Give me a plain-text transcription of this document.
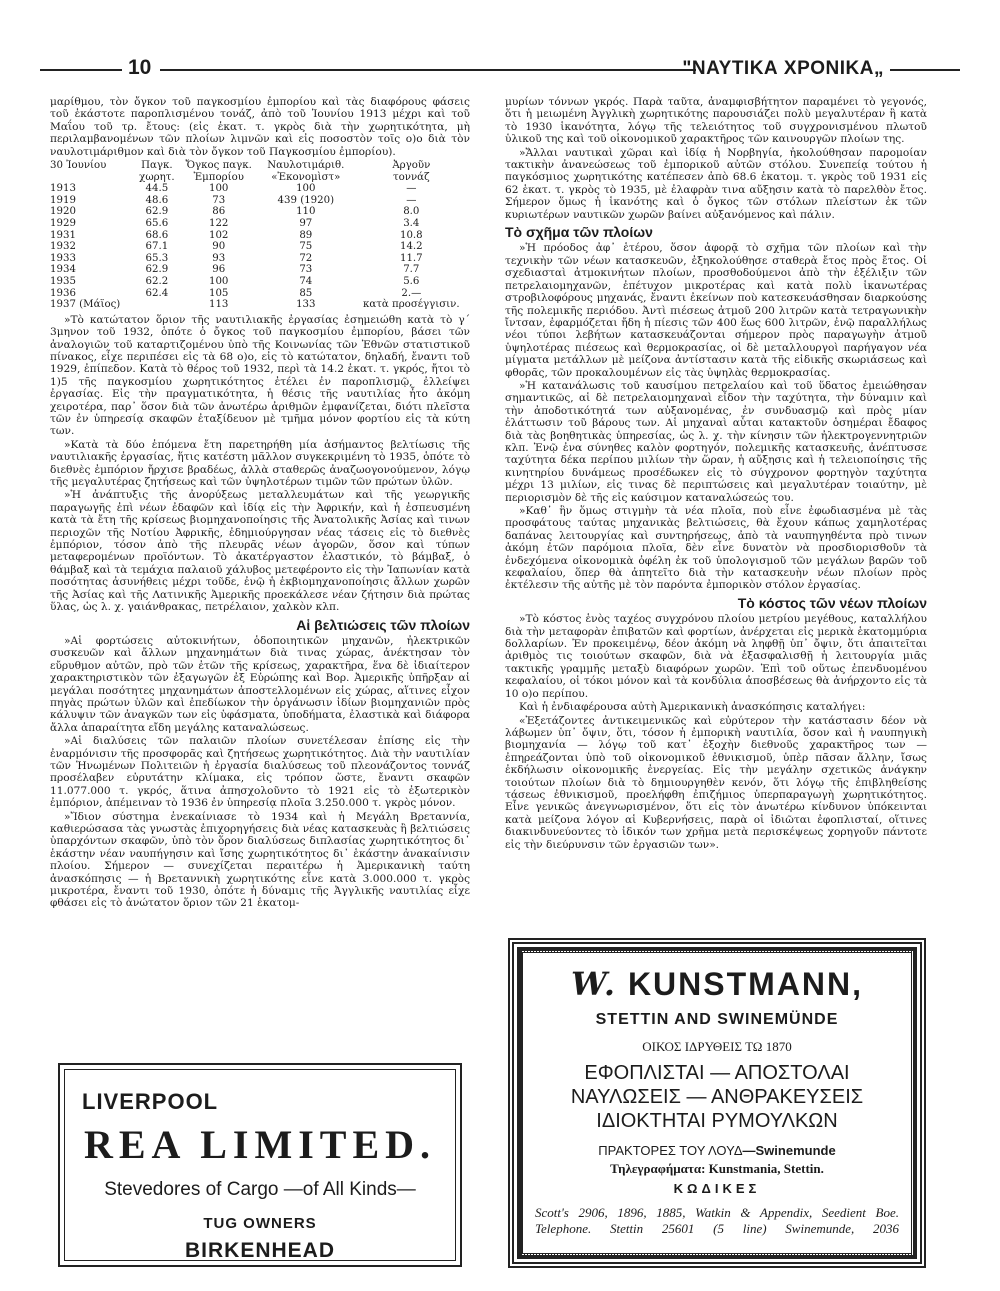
10	"ΝΑΥΤΙΚΑ ΧΡΟΝΙΚΑ„

μαρίθμου, τὸν ὄγκον τοῦ παγκοσμίου ἐμπορίου καὶ τὰς διαφόρους φάσεις τοῦ ἑκάστοτε παροπλισμένου τονάζ, ἀπὸ τοῦ Ἰουνίου 1913 μέχρι καὶ τοῦ Μαΐου τοῦ τρ. ἔτους: (εἰς ἑκατ. τ. γκρὸς διὰ τὴν χωρητικότητα, μὴ περιλαμβανομένων τῶν πλοίων λιμνῶν καὶ εἰς ποσοστὸν τοῖς ο)ο διὰ τὸν ναυλοτιμάριθμον καὶ διὰ τὸν ὄγκον τοῦ Παγκοσμίου ἐμπορίου).

30 Ἰουνίου	Παγκ.	Ὄγκος παγκ.	Ναυλοτιμάριθ.	Ἀργοῦν
	χωρητ.	Ἐμπορίου	«Ἐκονομὶστ»	τοννάζ
1913	44.5	100	100	—
1919	48.6	73	439 (1920)	—
1920	62.9	86	110	8.0
1929	65.6	122	97	3.4
1931	68.6	102	89	10.8
1932	67.1	90	75	14.2
1933	65.3	93	72	11.7
1934	62.9	96	73	7.7
1935	62.2	100	74	5.6
1936	62.4	105	85	2.—
1937 (Μάϊος)		113	133	κατὰ προσέγγισιν.

»Τὸ κατώτατον ὅριον τῆς ναυτιλιακῆς ἐργασίας ἐσημειώθη κατὰ τὸ γ΄ 3μηνον τοῦ 1932, ὁπότε ὁ ὄγκος τοῦ παγκοσμίου ἐμπορίου, βάσει τῶν ἀναλογιῶν τοῦ καταρτιζομένου ὑπὸ τῆς Κοινωνίας τῶν Ἐθνῶν στατιστικοῦ πίνακος, εἶχε περιπέσει εἰς τὰ 68 ο)ο, εἰς τὸ κατώτατον, δηλαδή, ἔναντι τοῦ 1929, ἐπίπεδον. Κατὰ τὸ θέρος τοῦ 1932, περὶ τὰ 14.2 ἑκατ. τ. γκρός, ἤτοι τὸ 1)5 τῆς παγκοσμίου χωρητικότητος ἐτέλει ἐν παροπλισμῷ, ἐλλείψει ἐργασίας. Εἰς τὴν πραγματικότητα, ἡ θέσις τῆς ναυτιλίας ἦτο ἀκόμη χειροτέρα, παρ᾿ ὅσον διὰ τῶν ἀνωτέρω ἀριθμῶν ἐμφανίζεται, διότι πλεῖστα τῶν ἐν ὑπηρεσίᾳ σκαφῶν ἐταξίδευον μὲ τμῆμα μόνον φορτίου εἰς τὰ κύτη των.

»Κατὰ τὰ δύο ἑπόμενα ἔτη παρετηρήθη μία ἀσήμαντος βελτίωσις τῆς ναυτιλιακῆς ἐργασίας, ἥτις κατέστη μᾶλλον συγκεκριμένη τὸ 1935, ὁπότε τὸ διεθνὲς ἐμπόριον ἤρχισε βραδέως, ἀλλὰ σταθερῶς ἀναζωογονούμενον, λόγῳ τῆς μεγαλυτέρας ζητήσεως καὶ τῶν ὑψηλοτέρων τιμῶν τῶν πρώτων ὑλῶν.

»Ἡ ἀνάπτυξις τῆς ἀνορύξεως μεταλλευμάτων καὶ τῆς γεωργικῆς παραγωγῆς ἐπὶ νέων ἐδαφῶν καὶ ἰδίᾳ εἰς τὴν Ἀφρικήν, καὶ ἡ ἐσπευσμένη κατὰ τὰ ἔτη τῆς κρίσεως βιομηχανοποίησις τῆς Ἀνατολικῆς Ἀσίας καὶ τινων περιοχῶν τῆς Νοτίου Ἀφρικῆς, ἐδημιούργησαν νέας τάσεις εἰς τὸ διεθνὲς ἐμπόριον, τόσον ἀπὸ τῆς πλευρᾶς νέων ἀγορῶν, ὅσον καὶ τύπων μεταφερομένων προϊόντων. Τὸ ἀκατέργαστον ἐλαστικόν, τὸ βάμβαξ, ὁ θάμβαξ καὶ τὰ τεμάχια παλαιοῦ χάλυβος μετεφέροντο εἰς τὴν Ἰαπωνίαν κατὰ ποσότητας ἀσυνήθεις μέχρι τοῦδε, ἐνῷ ἡ ἐκβιομηχανοποίησις ἄλλων χωρῶν τῆς Ἀσίας καὶ τῆς Λατινικῆς Ἀμερικῆς προεκάλεσε νέαν ζήτησιν διὰ πρώτας ὕλας, ὡς λ. χ. γαιάνθρακας, πετρέλαιον, χαλκὸν κλπ.

Αἱ βελτιώσεις τῶν πλοίων

»Αἱ φορτώσεις αὐτοκινήτων, ὁδοποιητικῶν μηχανῶν, ἠλεκτρικῶν συσκευῶν καὶ ἄλλων μηχανημάτων διὰ τινας χώρας, ἀνέκτησαν τὸν εὔρυθμον αὐτῶν, πρὸ τῶν ἐτῶν τῆς κρίσεως, χαρακτῆρα, ἕνα δὲ ἰδιαίτερον χαρακτηριστικὸν τῶν ἐξαγωγῶν ἐξ Εὐρώπης καὶ Βορ. Ἀμερικῆς ὑπῆρξαν αἱ μεγάλαι ποσότητες μηχανημάτων ἀποστελλομένων εἰς χώρας, αἵτινες εἶχον πηγὰς πρώτων ὑλῶν καὶ ἐπεδίωκον τὴν ὀργάνωσιν ἰδίων βιομηχανιῶν πρὸς κάλυψιν τῶν ἀναγκῶν των εἰς ὑφάσματα, ὑποδήματα, ἐλαστικὰ καὶ διάφορα ἄλλα ἀπαραίτητα εἴδη μεγάλης καταναλώσεως.

»Αἱ διαλύσεις τῶν παλαιῶν πλοίων συνετέλεσαν ἐπίσης εἰς τὴν ἐναρμόνισιν τῆς προσφορᾶς καὶ ζητήσεως χωρητικότητος. Διὰ τὴν ναυτιλίαν τῶν Ἡνωμένων Πολιτειῶν ἡ ἐργασία διαλύσεως τοῦ πλεονάζοντος τοννάζ προσέλαβεν εὐρυτάτην κλίμακα, εἰς τρόπον ὥστε, ἔναντι σκαφῶν 11.077.000 τ. γκρός, ἅτινα ἀπησχολοῦντο τὸ 1921 εἰς τὸ ἐξωτερικὸν ἐμπόριον, ἀπέμειναν τὸ 1936 ἐν ὑπηρεσίᾳ πλοῖα 3.250.000 τ. γκρὸς μόνον.

»Ἴδιον σύστημα ἐνεκαίνιασε τὸ 1934 καὶ ἡ Μεγάλη Βρεταννία, καθιερώσασα τὰς γνωστὰς ἐπιχορηγήσεις διὰ νέας κατασκευὰς ἢ βελτιώσεις ὑπαρχόντων σκαφῶν, ὑπὸ τὸν ὅρον διαλύσεως διπλασίας χωρητικότητος δι᾿ ἑκάστην νέαν ναυπήγησιν καὶ ἴσης χωρητικότητος δι᾿ ἑκάστην ἀνακαίνισιν πλοίου. Σήμερον — συνεχίζεται περαιτέρω ἡ Ἀμερικανικὴ ταύτη ἀνασκόπησις — ἡ Βρεταννικὴ χωρητικότης εἶνε κατὰ 3.000.000 τ. γκρὸς μικροτέρα, ἔναντι τοῦ 1930, ὁπότε ἡ δύναμις τῆς Ἀγγλικῆς ναυτιλίας εἶχε φθάσει εἰς τὸ ἀνώτατον ὅριον τῶν 21 ἑκατομ-

μυρίων τόννων γκρός. Παρὰ ταῦτα, ἀναμφισβήτητον παραμένει τὸ γεγονός, ὅτι ἡ μειωμένη Ἀγγλικὴ χωρητικότης παρουσιάζει πολὺ μεγαλυτέραν ἢ κατὰ τὸ 1930 ἱκανότητα, λόγῳ τῆς τελειότητος τοῦ συγχρονισμένου πλωτοῦ ὑλικοῦ της καὶ τοῦ οἰκονομικοῦ χαρακτῆρος τῶν καινουργῶν πλοίων της.

»Ἄλλαι ναυτικαὶ χῶραι καὶ ἰδίᾳ ἡ Νορβηγία, ἠκολούθησαν παρομοίαν τακτικὴν ἀνανεώσεως τοῦ ἐμπορικοῦ αὐτῶν στόλου. Συνεπείᾳ τούτου ἡ παγκόσμιος χωρητικότης κατέπεσεν ἀπὸ 68.6 ἑκατομ. τ. γκρὸς τοῦ 1931 εἰς 62 ἑκατ. τ. γκρὸς τὸ 1935, μὲ ἐλαφρὰν τινα αὔξησιν κατὰ τὸ παρελθὸν ἔτος. Σήμερον ὅμως ἡ ἱκανότης καὶ ὁ ὄγκος τῶν στόλων πλείστων ἐκ τῶν κυριωτέρων ναυτικῶν χωρῶν βαίνει αὐξανόμενος καὶ πάλιν.

Τὸ σχῆμα τῶν πλοίων

»Ἡ πρόοδος ἀφ᾿ ἑτέρου, ὅσον ἀφορᾷ τὸ σχῆμα τῶν πλοίων καὶ τὴν τεχνικὴν τῶν νέων κατασκευῶν, ἐξηκολούθησε σταθερὰ ἔτος πρὸς ἔτος. Οἱ σχεδιασταὶ ἀτμοκινήτων πλοίων, προσθοδούμενοι ἀπὸ τὴν ἐξέλιξιν τῶν πετρελαιομηχανῶν, ἐπέτυχον μικροτέρας καὶ κατὰ πολὺ ἱκανωτέρας στροβιλοφόρους μηχανάς, ἔναντι ἐκείνων ποὺ κατεσκευάσθησαν διαρκούσης τῆς πολεμικῆς περιόδου. Ἀντὶ πιέσεως ἀτμοῦ 200 λιτρῶν κατὰ τετραγωνικὴν ἴντσαν, ἐφαρμόζεται ἤδη ἡ πίεσις τῶν 400 ἕως 600 λιτρῶν, ἐνῷ παραλλήλως νέοι τύποι λεβήτων κατασκευάζονται σήμερον πρὸς παραγωγὴν ἀτμοῦ ὑψηλοτέρας πιέσεως καὶ θερμοκρασίας, οἱ δὲ μεταλλουργοὶ παρήγαγον νέα μίγματα μετάλλων μὲ μείζονα ἀντίστασιν κατὰ τῆς εἰδικῆς σκωριάσεως καὶ φθορᾶς, τῶν προκαλουμένων εἰς τὰς ὑψηλὰς θερμοκρασίας.

»Ἡ κατανάλωσις τοῦ καυσίμου πετρελαίου καὶ τοῦ ὕδατος ἐμειώθησαν σημαντικῶς, αἱ δὲ πετρελαιομηχαναὶ εἶδον τὴν ταχύτητα, τὴν δύναμιν καὶ τὴν ἀποδοτικότητά των αὐξανομένας, ἐν συνδυασμῷ καὶ πρὸς μίαν ἐλάττωσιν τοῦ βάρους των. Αἱ μηχαναὶ αὗται κατακτοῦν ὁσημέραι ἔδαφος διὰ τὰς βοηθητικὰς ὑπηρεσίας, ὡς λ. χ. τὴν κίνησιν τῶν ἠλεκτρογεννητριῶν κλπ. Ἐνῷ ἐνα σύνηθες καλὸν φορτηγόν, πολεμικῆς κατασκευῆς, ἀνέπτυσσε ταχύτητα δέκα περίπου μιλίων τὴν ὥραν, ἡ αὔξησις καὶ ἡ τελειοποίησις τῆς κινητηρίου δυνάμεως προσέδωκεν εἰς τὸ σύγχρονον φορτηγὸν ταχύτητα μέχρι 13 μιλίων, εἰς τινας δὲ περιπτώσεις καὶ μεγαλυτέραν τοιαύτην, μὲ περιορισμὸν δὲ τῆς εἰς καύσιμον καταναλώσεώς του.

»Καθ᾿ ἣν ὅμως στιγμὴν τὰ νέα πλοῖα, ποὺ εἶνε ἐφωδιασμένα μὲ τὰς προσφάτους ταύτας μηχανικὰς βελτιώσεις, θὰ ἔχουν κάπως χαμηλοτέρας δαπάνας λειτουργίας καὶ συντηρήσεως, ἀπὸ τὰ ναυπηγηθέντα πρὸ τινων ἀκόμη ἐτῶν παρόμοια πλοῖα, δὲν εἶνε δυνατὸν νὰ προσδιορισθοῦν τὰ ἐνδεχόμενα οἰκονομικὰ ὀφέλη ἐκ τοῦ ὑπολογισμοῦ τῶν μεγάλων βαρῶν τοῦ κεφαλαίου, ὅπερ θὰ ἀπητεῖτο διὰ τὴν κατασκευὴν νέων πλοίων πρὸς ἐκτέλεσιν τῆς αὐτῆς μὲ τὸν παρόντα ἐμπορικὸν στόλον ἐργασίας.

Τὸ κόστος τῶν νέων πλοίων

»Τὸ κόστος ἑνὸς ταχέος συγχρόνου πλοίου μετρίου μεγέθους, καταλλήλου διὰ τὴν μεταφορὰν ἐπιβατῶν καὶ φορτίων, ἀνέρχεται εἰς μερικὰ ἑκατομμύρια δολλαρίων. Ἐν προκειμένῳ, δέον ἀκόμη νὰ ληφθῇ ὑπ᾿ ὄψιν, ὅτι ἀπαιτεῖται ἀριθμὸς τις τοιούτων σκαφῶν, διὰ νὰ ἐξασφαλισθῇ ἡ λειτουργία μιᾶς τακτικῆς γραμμῆς μεταξὺ διαφόρων χωρῶν. Ἐπὶ τοῦ οὕτως ἐπενδυομένου κεφαλαίου, οἱ τόκοι μόνον καὶ τὰ κονδύλια ἀποσβέσεως θὰ ἀνήρχοντο εἰς τὰ 10 ο)ο περίπου.

Καὶ ἡ ἐνδιαφέρουσα αὐτὴ Ἀμερικανικὴ ἀνασκόπησις καταλήγει:

«Ἐξετάζοντες ἀντικειμενικῶς καὶ εὐρύτερον τὴν κατάστασιν δέον νὰ λάβωμεν ὑπ᾿ ὄψιν, ὅτι, τόσον ἡ ἐμπορικὴ ναυτιλία, ὅσον καὶ ἡ ναυπηγικὴ βιομηχανία — λόγῳ τοῦ κατ᾿ ἐξοχὴν διεθνοῦς χαρακτῆρος των —ἐπηρεάζονται ὑπὸ τοῦ οἰκονομικοῦ ἐθνικισμοῦ, ὑπὲρ πᾶσαν ἄλλην, ἴσως ἐκδήλωσιν οἰκονομικῆς ἐνεργείας. Εἰς τὴν μεγάλην σχετικῶς ἀνάγκην τοιούτων πλοίων διὰ τὸ δημιουργηθὲν κενόν, ὅτι λόγῳ τῆς ἐπιβληθείσης τάσεως ἐθνικισμοῦ, προελήφθη ἐπιζήμιος ὑπερπαραγωγὴ χωρητικότητος. Εἶνε γενικῶς ἀνεγνωρισμένον, ὅτι εἰς τὸν ἀνωτέρω κίνδυνον ὑπόκεινται κατὰ μείζονα λόγον αἱ Κυβερνήσεις, παρὰ οἱ ἰδιῶται ἐφοπλισταί, οἵτινες διακινδυνεύοντες τὸ ἰδικόν των χρῆμα μετὰ περισκέψεως χορηγοῦν πάντοτε εἰς τὴν διεύρυνσιν τῶν ἐργασιῶν των».

LIVERPOOL
REA LIMITED.
Stevedores of Cargo —of All Kinds—
TUG OWNERS
BIRKENHEAD
W. KUNSTMANN,
STETTIN AND SWINEMÜNDE
ΟΙΚΟΣ ΙΔΡΥΘΕΙΣ ΤΩ 1870
ΕΦΟΠΛΙΣΤΑΙ — ΑΠΟΣΤΟΛΑΙ
ΝΑΥΛΩΣΕΙΣ — ΑΝΘΡΑΚΕΥΣΕΙΣ
ΙΔΙΟΚΤΗΤΑΙ ΡΥΜΟΥΛΚΩΝ
ΠΡΑΚΤΟΡΕΣ ΤΟΥ ΛΟΥΔ—Swinemunde
Τηλεγραφήματα: Kunstmania, Stettin.
ΚΩΔΙΚΕΣ
Scott's 2906, 1896, 1885, Watkin & Appendix, Seedient Boe. Telephone. Stettin 25601 (5 line) Swinemunde, 2036
